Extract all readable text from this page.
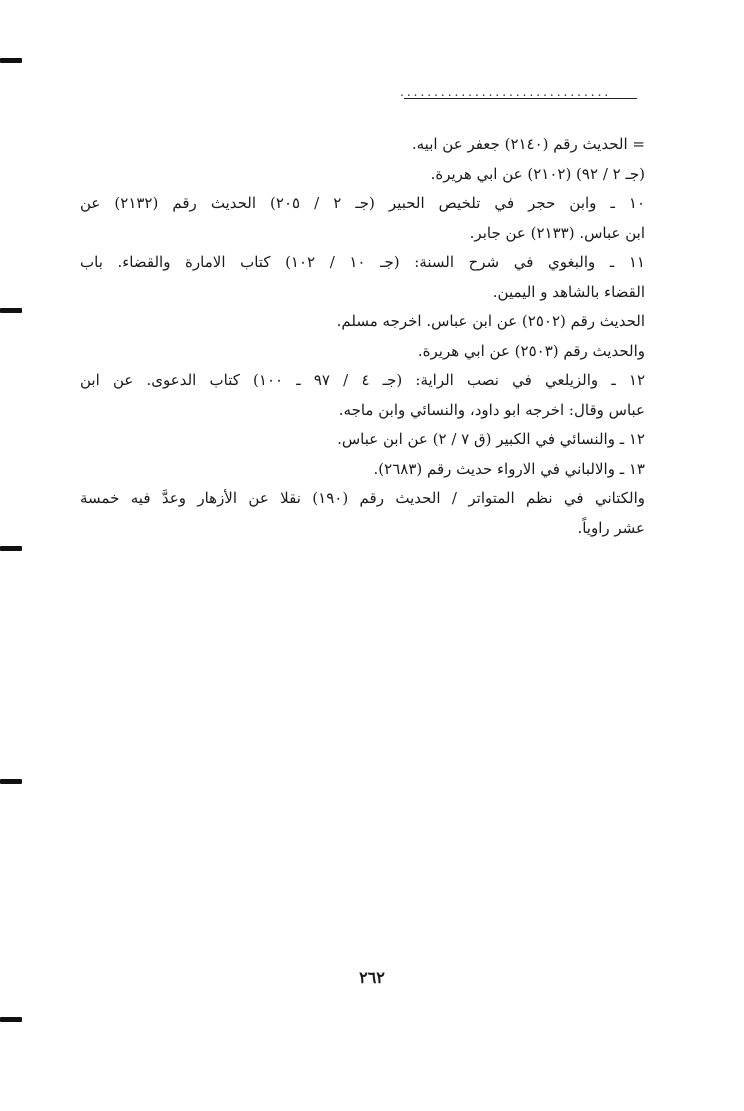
...............................
= الحديث رقم (٢١٤٠) جعفر عن ابيه.
(جـ ٢ / ٩٢) (٢١٠٢) عن ابي هريرة.
١٠ ـ وابن حجر في تلخيص الحبير (جـ ٢ / ٢٠٥) الحديث رقم (٢١٣٢) عن
ابن عباس. (٢١٣٣) عن جابر.
١١ ـ والبغوي في شرح السنة: (جـ ١٠ / ١٠٢) كتاب الامارة والقضاء. باب
القضاء بالشاهد و اليمين.
الحديث رقم (٢٥٠٢) عن ابن عباس. اخرجه مسلم.
والحديث رقم (٢٥٠٣) عن ابي هريرة.
١٢ ـ والزيلعي في نصب الراية: (جـ ٤ / ٩٧ ـ ١٠٠) كتاب الدعوى. عن ابن
عباس وقال: اخرجه ابو داود، والنسائي وابن ماجه.
١٢ ـ والنسائي في الكبير (ق ٧ / ٢) عن ابن عباس.
١٣ ـ والالباني في الارواء حديث رقم (٢٦٨٣).
والكتاني في نظم المتواتر / الحديث رقم (١٩٠) نقلا عن الأزهار وعدَّ فيه خمسة
عشر راوياً.
٢٦٢
